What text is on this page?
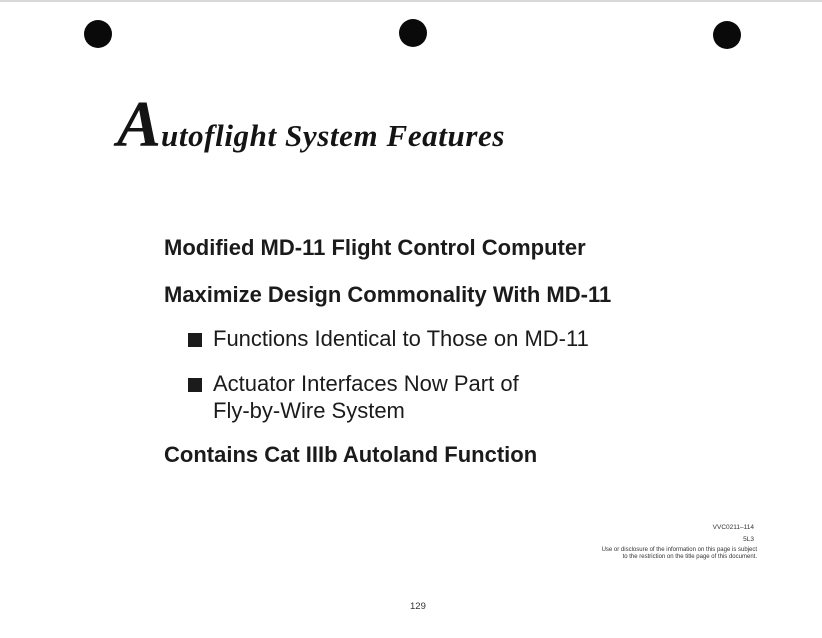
Autoflight System Features
Modified MD-11 Flight Control Computer
Maximize Design Commonality With MD-11
Functions Identical to Those on MD-11
Actuator Interfaces Now Part of
Fly-by-Wire System
Contains Cat IIIb Autoland Function
VVC0211–114
5L3
Use or disclosure of the information on this page is subject
to the restriction on the title page of this document.
129
